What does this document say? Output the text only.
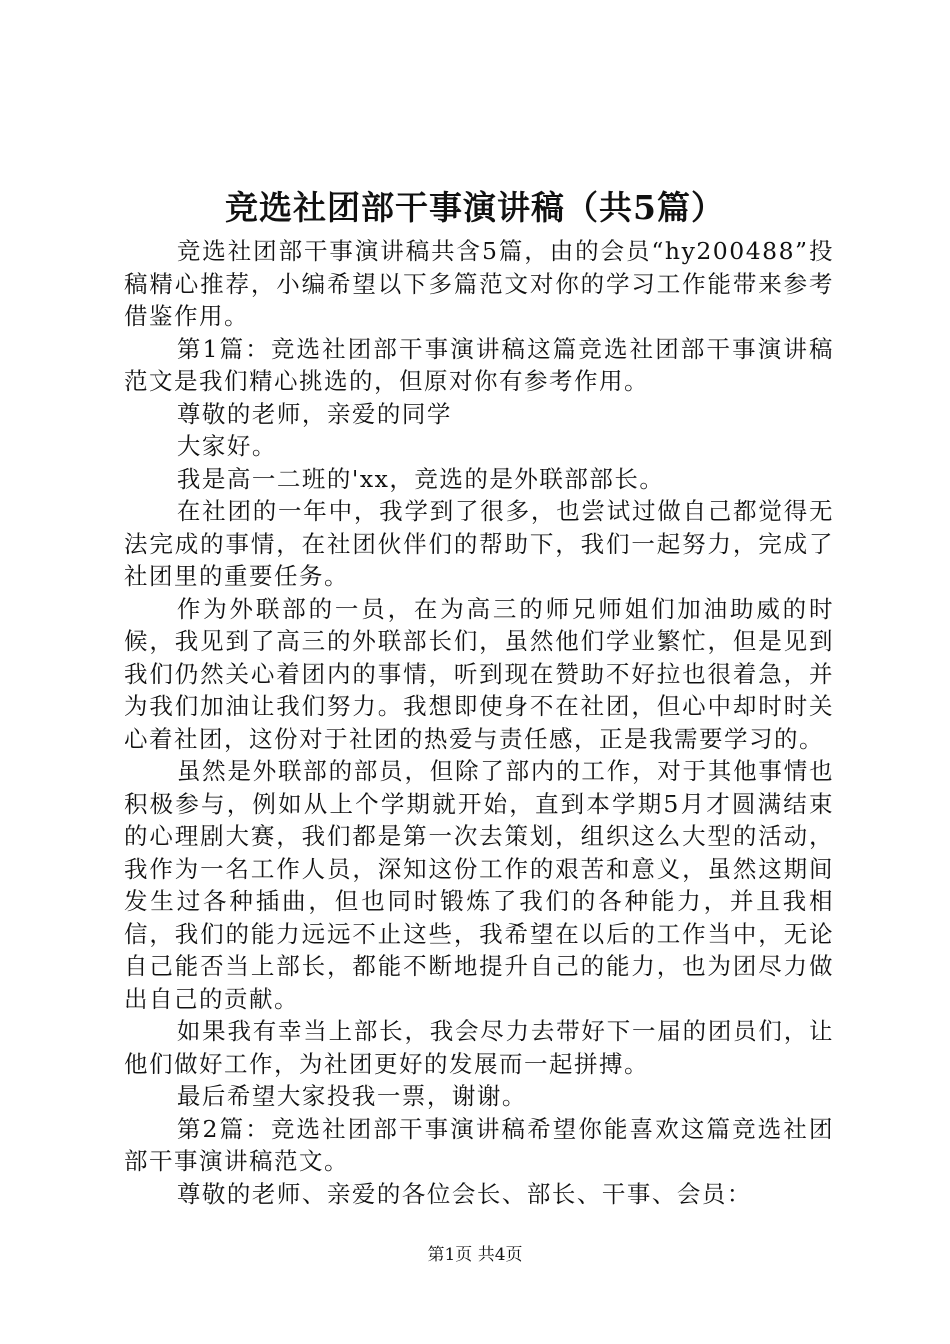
竞选社团部干事演讲稿（共5篇）

竞选社团部干事演讲稿共含5篇，由的会员“hy200488”投稿精心推荐，小编希望以下多篇范文对你的学习工作能带来参考借鉴作用。

第1篇：竞选社团部干事演讲稿这篇竞选社团部干事演讲稿范文是我们精心挑选的，但原对你有参考作用。

尊敬的老师，亲爱的同学

大家好。

我是高一二班的'xx，竞选的是外联部部长。

在社团的一年中，我学到了很多，也尝试过做自己都觉得无法完成的事情，在社团伙伴们的帮助下，我们一起努力，完成了社团里的重要任务。

作为外联部的一员，在为高三的师兄师姐们加油助威的时候，我见到了高三的外联部长们，虽然他们学业繁忙，但是见到我们仍然关心着团内的事情，听到现在赞助不好拉也很着急，并为我们加油让我们努力。我想即使身不在社团，但心中却时时关心着社团，这份对于社团的热爱与责任感，正是我需要学习的。

虽然是外联部的部员，但除了部内的工作，对于其他事情也积极参与，例如从上个学期就开始，直到本学期5月才圆满结束的心理剧大赛，我们都是第一次去策划，组织这么大型的活动，我作为一名工作人员，深知这份工作的艰苦和意义，虽然这期间发生过各种插曲，但也同时锻炼了我们的各种能力，并且我相信，我们的能力远远不止这些，我希望在以后的工作当中，无论自己能否当上部长，都能不断地提升自己的能力，也为团尽力做出自己的贡献。

如果我有幸当上部长，我会尽力去带好下一届的团员们，让他们做好工作，为社团更好的发展而一起拼搏。

最后希望大家投我一票，谢谢。

第2篇：竞选社团部干事演讲稿希望你能喜欢这篇竞选社团部干事演讲稿范文。

尊敬的老师、亲爱的各位会长、部长、干事、会员：

第1页 共4页
